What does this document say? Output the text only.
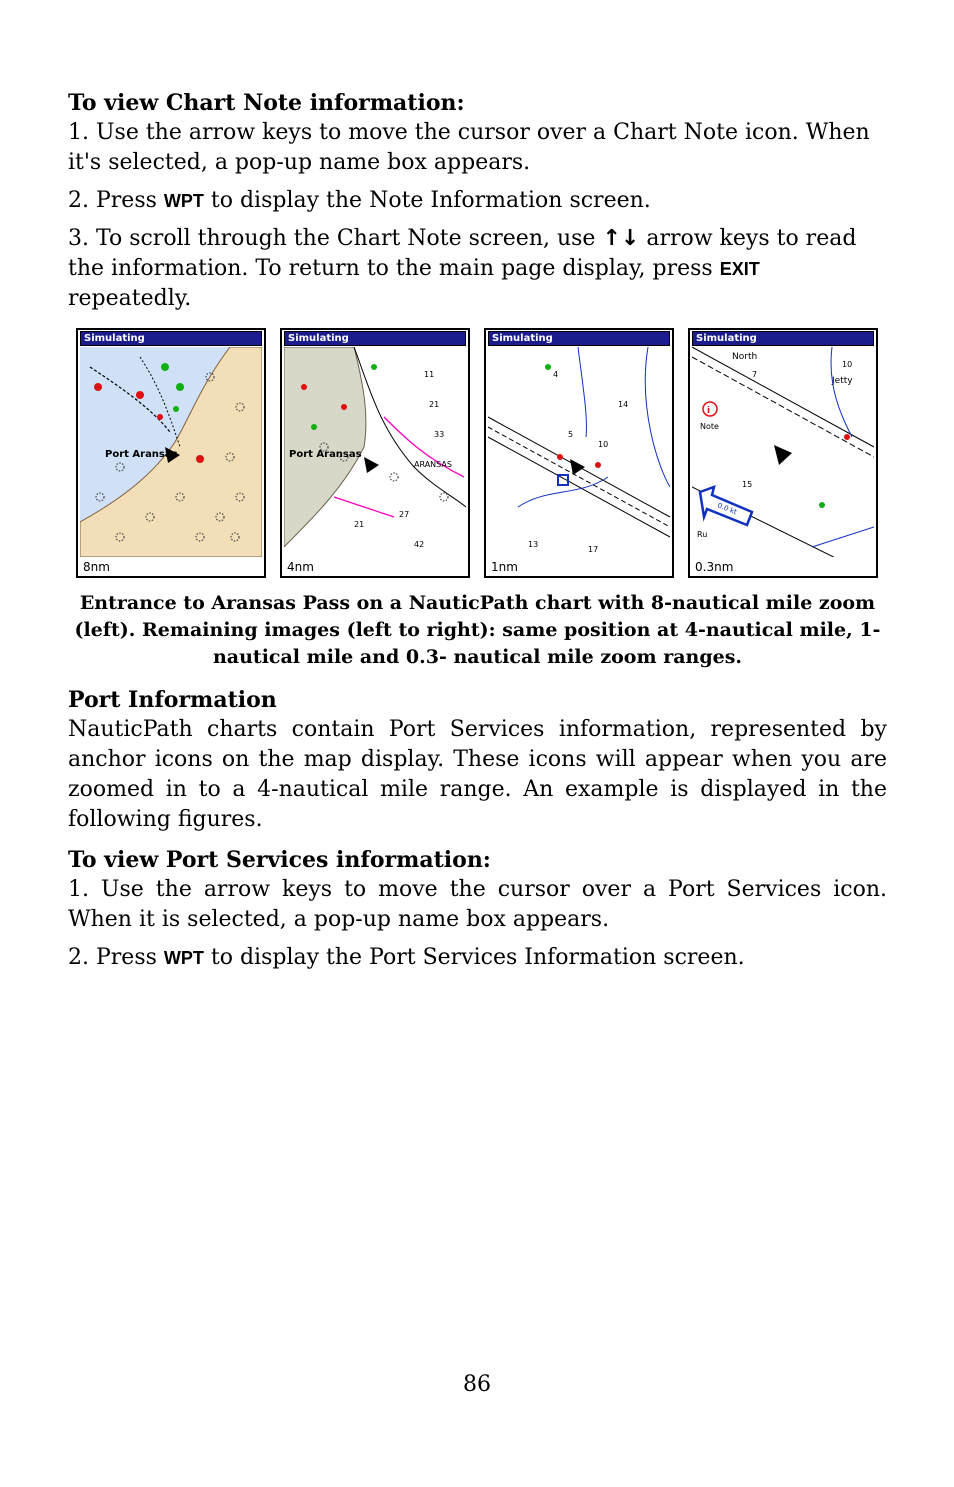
To view Chart Note information:

1. Use the arrow keys to move the cursor over a Chart Note icon. When it's selected, a pop-up name box appears.

2. Press WPT to display the Note Information screen.

3. To scroll through the Chart Note screen, use ↑↓ arrow keys to read the information. To return to the main page display, press EXIT repeatedly.

Simulating
Port Aransas
8nm
Simulating
11
21
33
27
21
42
Port Aransas
ARANSAS
4nm
Simulating
4
14
5
10
13
17
1nm
Simulating
i
10
15
7
Ru
North
Jetty
Note
0.0 kt
0.3nm

Entrance to Aransas Pass on a NauticPath chart with 8-nautical mile zoom (left). Remaining images (left to right): same position at 4-nautical mile, 1-nautical mile and 0.3- nautical mile zoom ranges.

Port Information

NauticPath charts contain Port Services information, represented by anchor icons on the map display. These icons will appear when you are zoomed in to a 4-nautical mile range. An example is displayed in the following figures.

To view Port Services information:

1. Use the arrow keys to move the cursor over a Port Services icon. When it is selected, a pop-up name box appears.

2. Press WPT to display the Port Services Information screen.

86
